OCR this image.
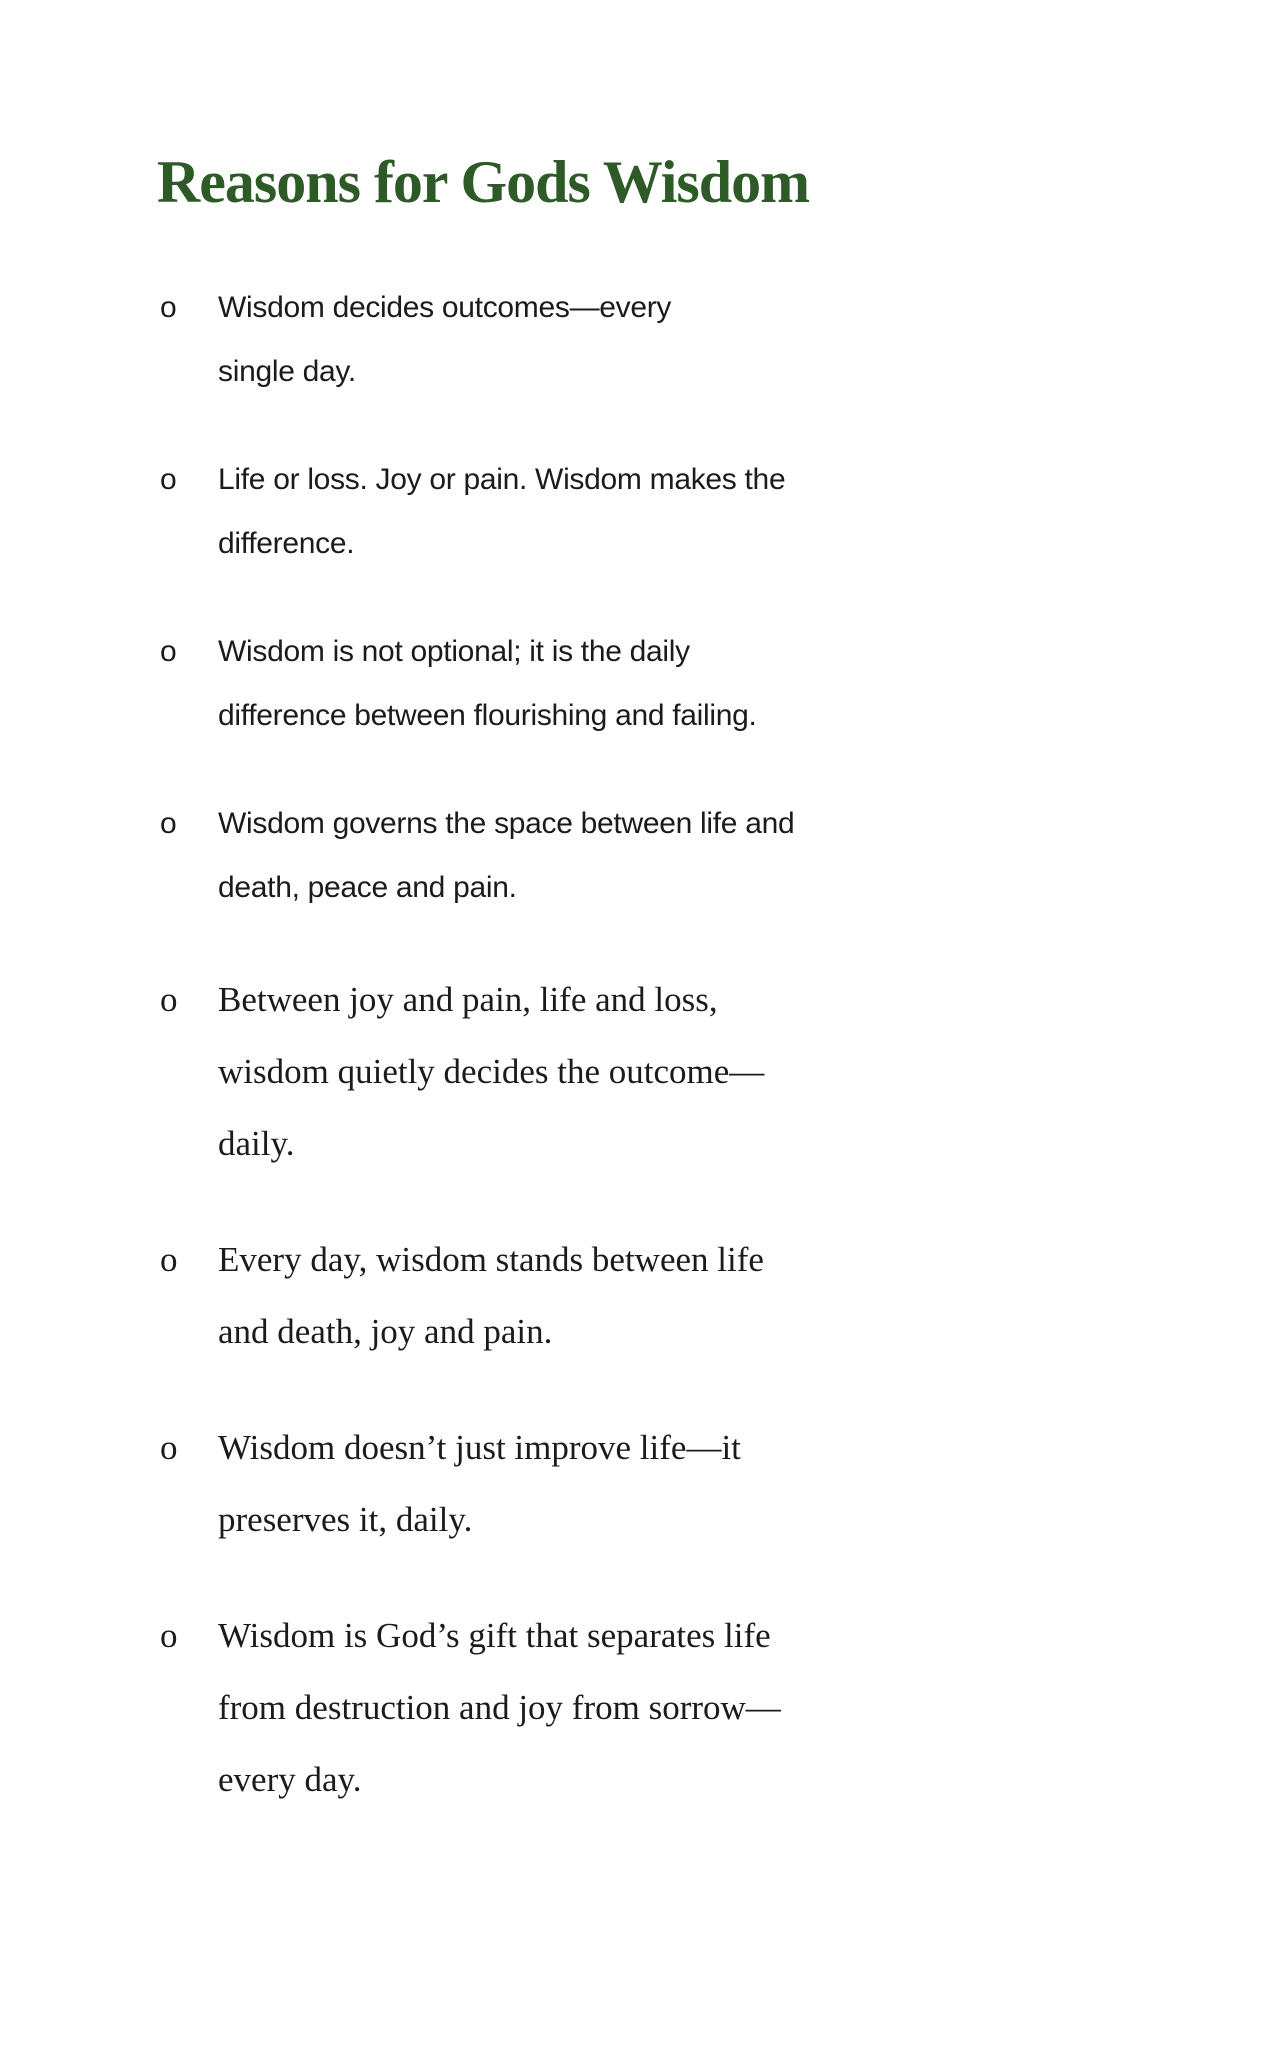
Reasons for Gods Wisdom
o	Wisdom decides outcomes—every
single day.
o	Life or loss. Joy or pain. Wisdom makes the
difference.
o	Wisdom is not optional; it is the daily
difference between flourishing and failing.
o	Wisdom governs the space between life and
death, peace and pain.
o	Between joy and pain, life and loss,
wisdom quietly decides the outcome—
daily.
o	Every day, wisdom stands between life
and death, joy and pain.
o	Wisdom doesn’t just improve life—it
preserves it, daily.
o	Wisdom is God’s gift that separates life
from destruction and joy from sorrow—
every day.
